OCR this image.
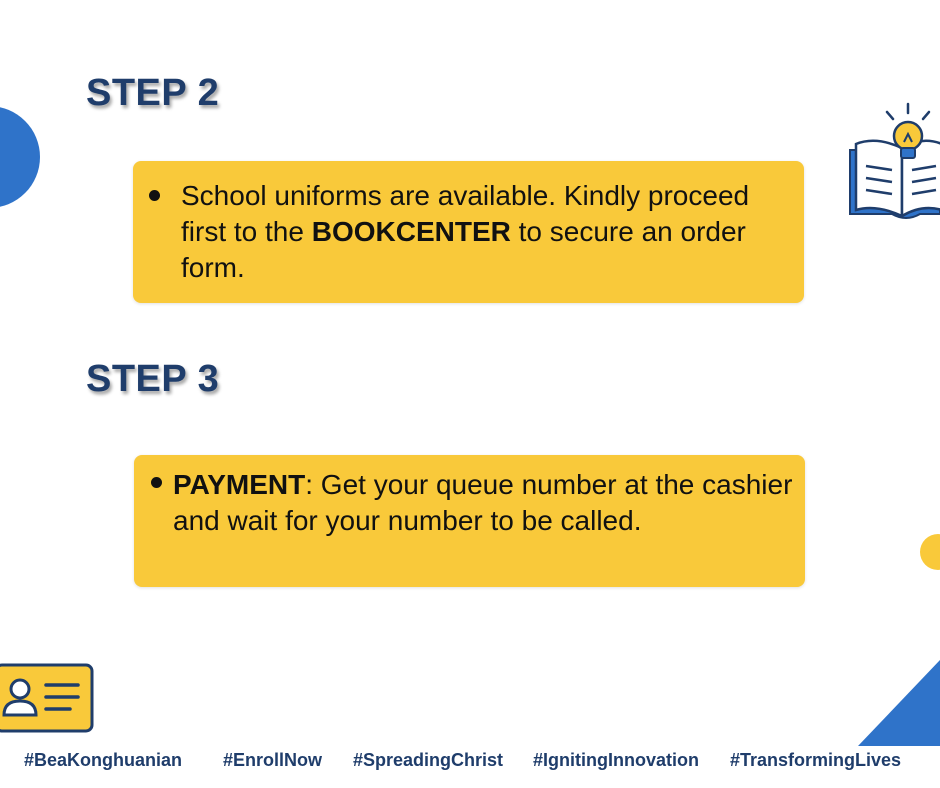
STEP 2

School uniforms are available. Kindly proceed first to the BOOKCENTER to secure an order form.

STEP 3

PAYMENT: Get your queue number at the cashier and wait for your number to be called.

#BeaKonghuanian #EnrollNow #SpreadingChrist #IgnitingInnovation #TransformingLives
